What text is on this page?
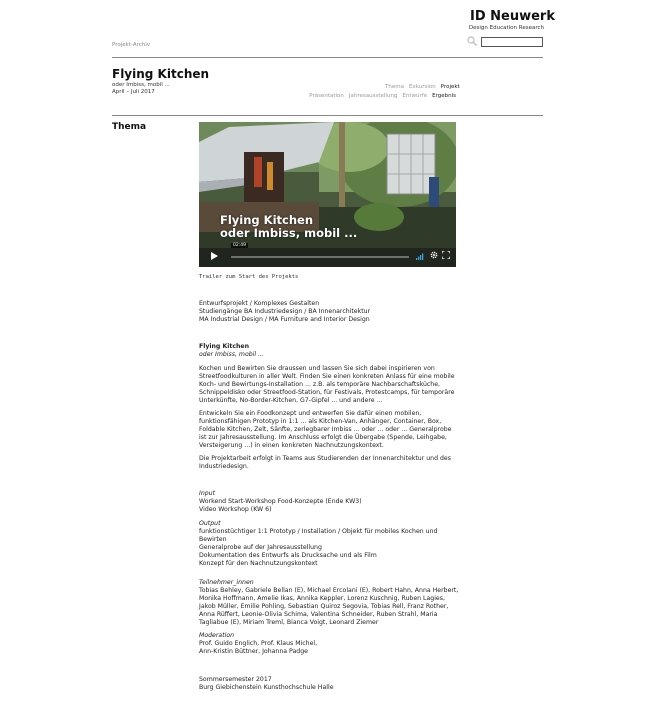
ID Neuwerk
Design Education Research
Projekt-Archiv
Flying Kitchen
oder Imbiss, mobil ...
April – Juli 2017
Thema Exkursion Projekt
Präsentation Jahresausstellung Entwürfe Ergebnis
Thema
Flying Kitchen
oder Imbiss, mobil ...
02:49
Trailer zum Start des Projekts

Entwurfsprojekt / Komplexes Gestalten

Studiengänge BA Industriedesign / BA Innenarchitektur

MA Industrial Design / MA Furniture and Interior Design

Flying Kitchen

oder Imbiss, mobil ...

Kochen und Bewirten Sie draussen und lassen Sie sich dabei inspirieren von Streetfoodkulturen in aller Welt. Finden Sie einen konkreten Anlass für eine mobile Koch- und Bewirtungs-Installation ... z.B. als temporäre Nachbarschaftsküche, Schnippeldisko oder Streetfood-Station, für Festivals, Protestcamps, für temporäre Unterkünfte, No-Border-Kitchen, G7-Gipfel ... und andere ...
Entwickeln Sie ein Foodkonzept und entwerfen Sie dafür einen mobilen, funktionsfähigen Prototyp in 1:1 ... als Kitchen-Van, Anhänger, Container, Box, Foldable Kitchen, Zelt, Sänfte, zerlegbarer Imbiss ... oder ... oder ... Generalprobe ist zur Jahresausstellung. Im Anschluss erfolgt die Übergabe (Spende, Leihgabe, Versteigerung ...) in einen konkreten Nachnutzungskontext.
Die Projektarbeit erfolgt in Teams aus Studierenden der Innenarchitektur und des Industriedesign.

Input

Workend Start-Workshop Food-Konzepte (Ende KW3)

Video Workshop (KW 6)

Output

funktionstüchtiger 1:1 Prototyp / Installation / Objekt für mobiles Kochen und Bewirten

Generalprobe auf der Jahresausstellung

Dokumentation des Entwurfs als Drucksache und als Film

Konzept für den Nachnutzungskontext

Teilnehmer_innen

Tobias Behley, Gabriele Bellan (E), Michael Ercolani (E), Robert Hahn, Anna Herbert, Monika Hoffmann, Amelie Ikas, Annika Keppler, Lorenz Kuschnig, Ruben Lagies, Jakob Müller, Emilie Pohling, Sebastian Quiroz Segovia, Tobias Rell, Franz Rother, Anna Rüffert, Leonie-Olivia Schima, Valentina Schneider, Ruben Strahl, Maria Tagliabue (E), Miriam Treml, Bianca Voigt, Leonard Ziemer

Moderation

Prof. Guido Englich, Prof. Klaus Michel,

Ann-Kristin Büttner, Johanna Padge

Sommersemester 2017

Burg Giebichenstein Kunsthochschule Halle
